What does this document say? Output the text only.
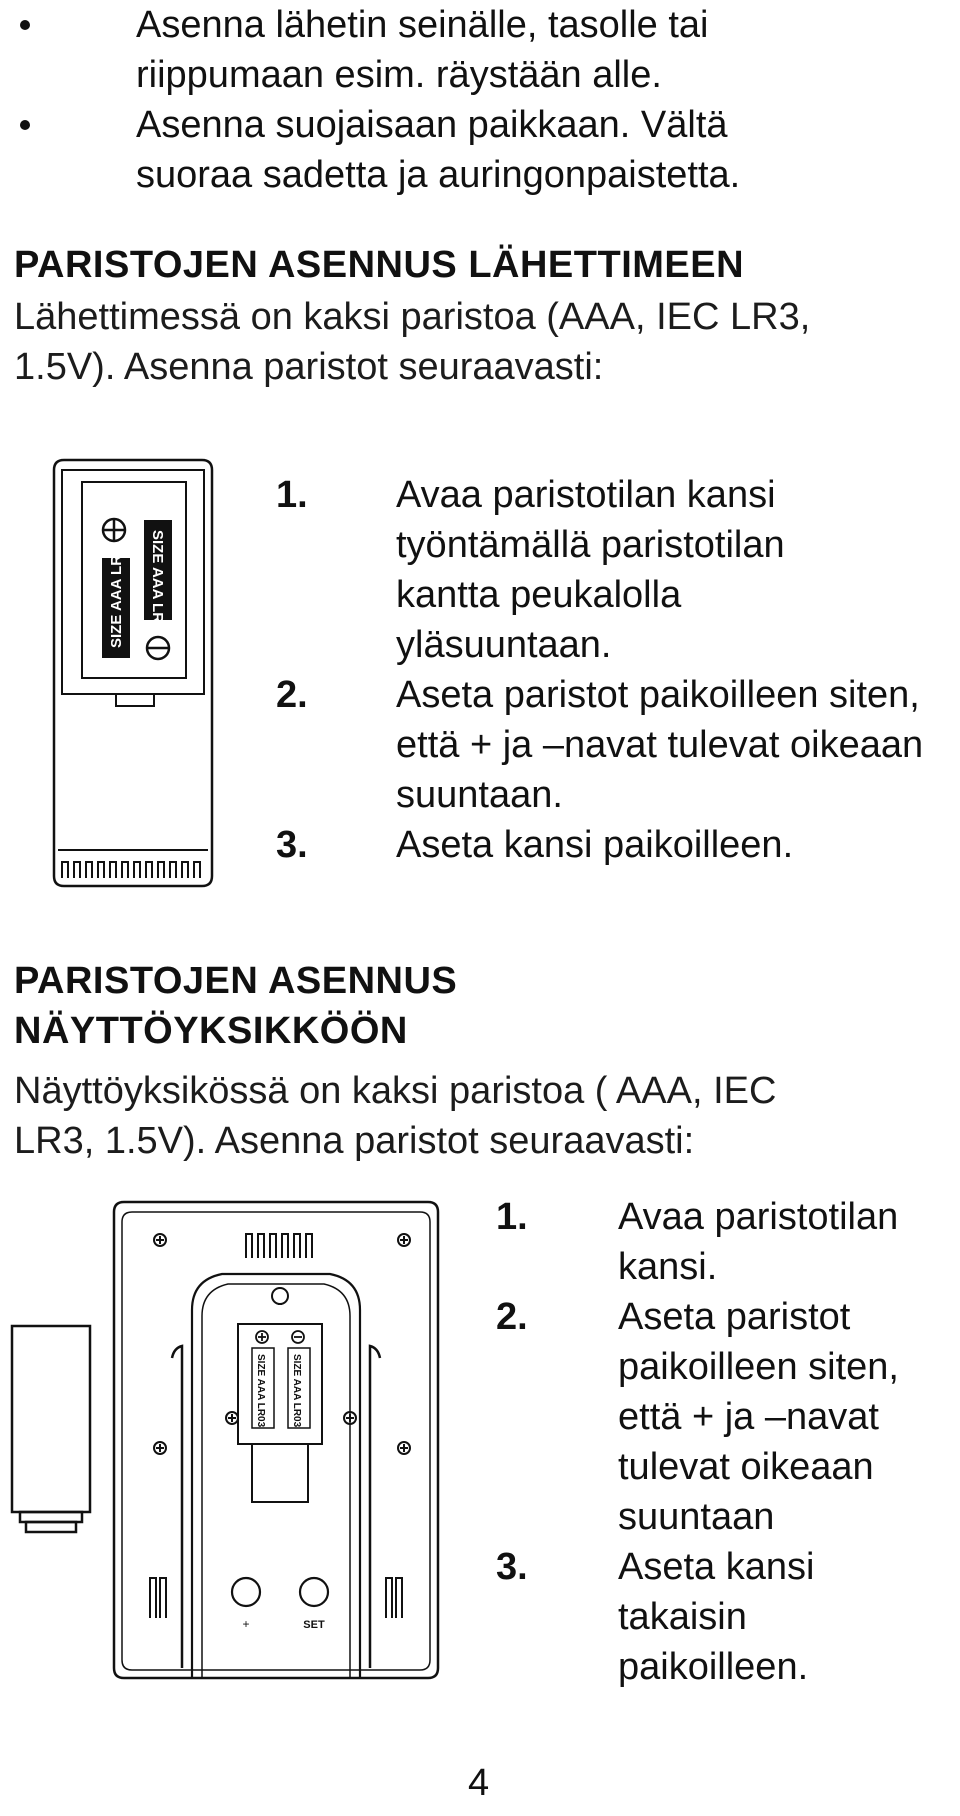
Asenna lähetin seinälle, tasolle tai
riippumaan esim. räystään alle.
Asenna suojaisaan paikkaan. Vältä
suoraa sadetta ja auringonpaistetta.
PARISTOJEN ASENNUS LÄHETTIMEEN
Lähettimessä on kaksi paristoa (AAA, IEC LR3,
1.5V). Asenna paristot seuraavasti:
SIZE AAA LR03 SIZE AAA LR03
1. Avaa paristotilan kansi
työntämällä paristotilan
kantta peukalolla
yläsuuntaan.
2. Aseta paristot paikoilleen siten,
että + ja –navat tulevat oikeaan
suuntaan.
3. Aseta kansi paikoilleen.
PARISTOJEN ASENNUS
NÄYTTÖYKSIKKÖÖN
Näyttöyksikössä on kaksi paristoa ( AAA, IEC
LR3, 1.5V). Asenna paristot seuraavasti:
SIZE AAA LR03	SIZE AAA LR03
+	SET
1. Avaa paristotilan
kansi.
2. Aseta paristot
paikoilleen siten,
että + ja –navat
tulevat oikeaan
suuntaan
3. Aseta kansi
takaisin
paikoilleen.
4
